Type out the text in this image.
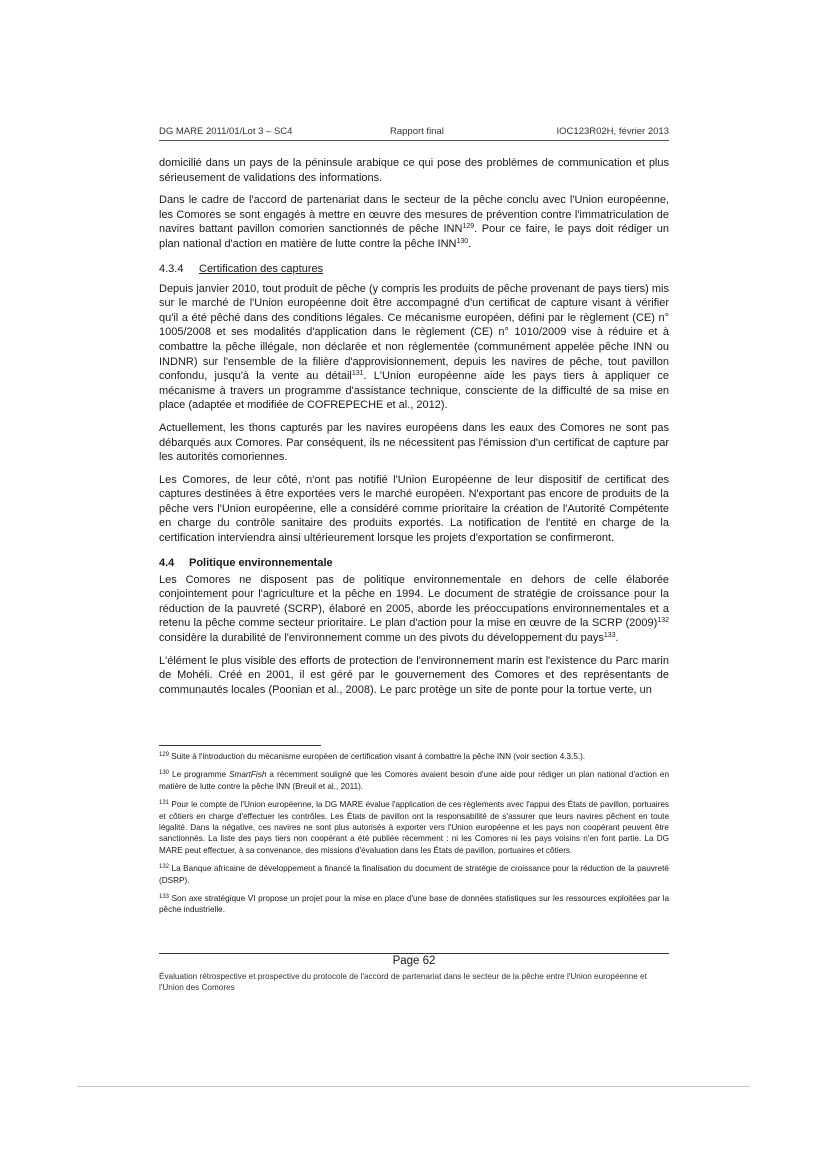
DG MARE 2011/01/Lot 3 – SC4	Rapport final	IOC123R02H, février 2013

domicilié dans un pays de la péninsule arabique ce qui pose des problèmes de communication et plus sérieusement de validations des informations.

Dans le cadre de l'accord de partenariat dans le secteur de la pêche conclu avec l'Union européenne, les Comores se sont engagés à mettre en œuvre des mesures de prévention contre l'immatriculation de navires battant pavillon comorien sanctionnés de pêche INN$^{129}$. Pour ce faire, le pays doit rédiger un plan national d'action en matière de lutte contre la pêche INN$^{130}$.

4.3.4 Certification des captures

Depuis janvier 2010, tout produit de pêche (y compris les produits de pêche provenant de pays tiers) mis sur le marché de l'Union européenne doit être accompagné d'un certificat de capture visant à vérifier qu'il a été pêché dans des conditions légales. Ce mécanisme européen, défini par le règlement (CE) n° 1005/2008 et ses modalités d'application dans le règlement (CE) n° 1010/2009 vise à réduire et à combattre la pêche illégale, non déclarée et non réglementée (communément appelée pêche INN ou INDNR) sur l'ensemble de la filière d'approvisionnement, depuis les navires de pêche, tout pavillon confondu, jusqu'à la vente au détail$^{131}$. L'Union européenne aide les pays tiers à appliquer ce mécanisme à travers un programme d'assistance technique, consciente de la difficulté de sa mise en place (adaptée et modifiée de COFREPECHE et al., 2012).

Actuellement, les thons capturés par les navires européens dans les eaux des Comores ne sont pas débarqués aux Comores. Par conséquent, ils ne nécessitent pas l'émission d'un certificat de capture par les autorités comoriennes.

Les Comores, de leur côté, n'ont pas notifié l'Union Européenne de leur dispositif de certificat des captures destinées à être exportées vers le marché européen. N'exportant pas encore de produits de la pêche vers l'Union européenne, elle a considéré comme prioritaire la création de l'Autorité Compétente en charge du contrôle sanitaire des produits exportés. La notification de l'entité en charge de la certification interviendra ainsi ultérieurement lorsque les projets d'exportation se confirmeront.

4.4 Politique environnementale

Les Comores ne disposent pas de politique environnementale en dehors de celle élaborée conjointement pour l'agriculture et la pêche en 1994. Le document de stratégie de croissance pour la réduction de la pauvreté (SCRP), élaboré en 2005, aborde les préoccupations environnementales et a retenu la pêche comme secteur prioritaire. Le plan d'action pour la mise en œuvre de la SCRP $(2009)^{132}$ considère la durabilité de l'environnement comme un des pivots du développement du pays$^{133}$.

L'élément le plus visible des efforts de protection de l'environnement marin est l'existence du Parc marin de Mohéli. Créé en 2001, il est géré par le gouvernement des Comores et des représentants de communautés locales (Poonian et al., 2008). Le parc protège un site de ponte pour la tortue verte, un

$^{129}$ Suite à l'introduction du mécanisme européen de certification visant à combattre la pêche INN (voir section 4.3.5.).
$^{130}$ Le programme SmartFish a récemment souligné que les Comores avaient besoin d'une aide pour rédiger un plan national d'action en matière de lutte contre la pêche INN (Breuil et al., 2011).
$^{131}$ Pour le compte de l'Union européenne, la DG MARE évalue l'application de ces règlements avec l'appui des États de pavillon, portuaires et côtiers en charge d'effectuer les contrôles. Les États de pavillon ont la responsabilité de s'assurer que leurs navires pêchent en toute légalité. Dans la négative, ces navires ne sont plus autorisés à exporter vers l'Union européenne et les pays non coopérant peuvent être sanctionnés. La liste des pays tiers non coopérant a été publiée récemment : ni les Comores ni les pays voisins n'en font partie. La DG MARE peut effectuer, à sa convenance, des missions d'évaluation dans les États de pavillon, portuaires et côtiers.
$^{132}$ La Banque africaine de développement a financé la finalisation du document de stratégie de croissance pour la réduction de la pauvreté (DSRP).
$^{133}$ Son axe stratégique VI propose un projet pour la mise en place d'une base de données statistiques sur les ressources exploitées par la pêche industrielle.
Page 62
Évaluation rétrospective et prospective du protocole de l'accord de partenariat dans le secteur de la pêche entre l'Union européenne et l'Union des Comores
